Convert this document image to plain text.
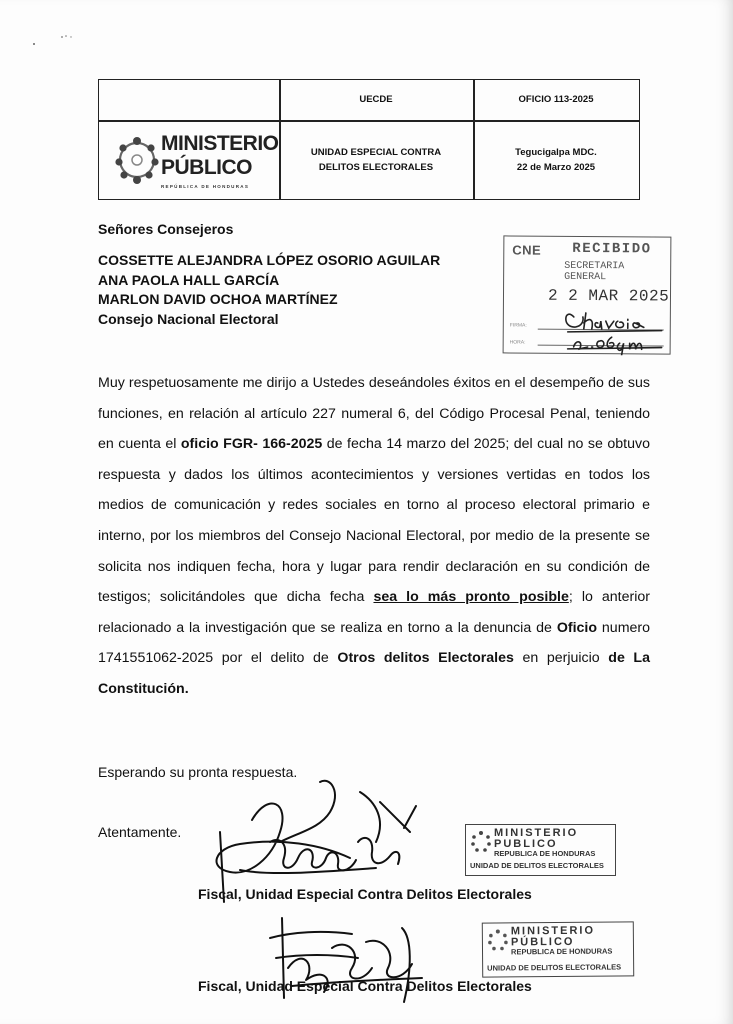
UECDE	OFICIO 113-2025
UNIDAD ESPECIAL CONTRA DELITOS ELECTORALES
Tegucigalpa MDC.
22 de Marzo 2025
MINISTERIO
PÚBLICO
REPÚBLICA DE HONDURAS
Señores Consejeros
COSSETTE ALEJANDRA LÓPEZ OSORIO AGUILAR
ANA PAOLA HALL GARCÍA
MARLON DAVID OCHOA MARTÍNEZ
Consejo Nacional Electoral
CNE RECIBIDO
SECRETARIA GENERAL
2 2 MAR 2025
FIRMA:
HORA:
Muy respetuosamente me dirijo a Ustedes deseándoles éxitos en el desempeño de sus funciones, en relación al artículo 227 numeral 6, del Código Procesal Penal, teniendo en cuenta el oficio FGR- 166-2025 de fecha 14 marzo del 2025; del cual no se obtuvo respuesta y dados los últimos acontecimientos y versiones vertidas en todos los medios de comunicación y redes sociales en torno al proceso electoral primario e interno, por los miembros del Consejo Nacional Electoral, por medio de la presente se solicita nos indiquen fecha, hora y lugar para rendir declaración en su condición de testigos; solicitándoles que dicha fecha sea lo más pronto posible; lo anterior relacionado a la investigación que se realiza en torno a la denuncia de Oficio numero 1741551062-2025 por el delito de Otros delitos Electorales en perjuicio de La Constitución.
Esperando su pronta respuesta.
Atentamente.
Fiscal, Unidad Especial Contra Delitos Electorales
MINISTERIO
PUBLICO
REPUBLICA DE HONDURAS
UNIDAD DE DELITOS ELECTORALES
Fiscal, Unidad Especial Contra Delitos Electorales
MINISTERIO
PÚBLICO
REPUBLICA DE HONDURAS
UNIDAD DE DELITOS ELECTORALES
